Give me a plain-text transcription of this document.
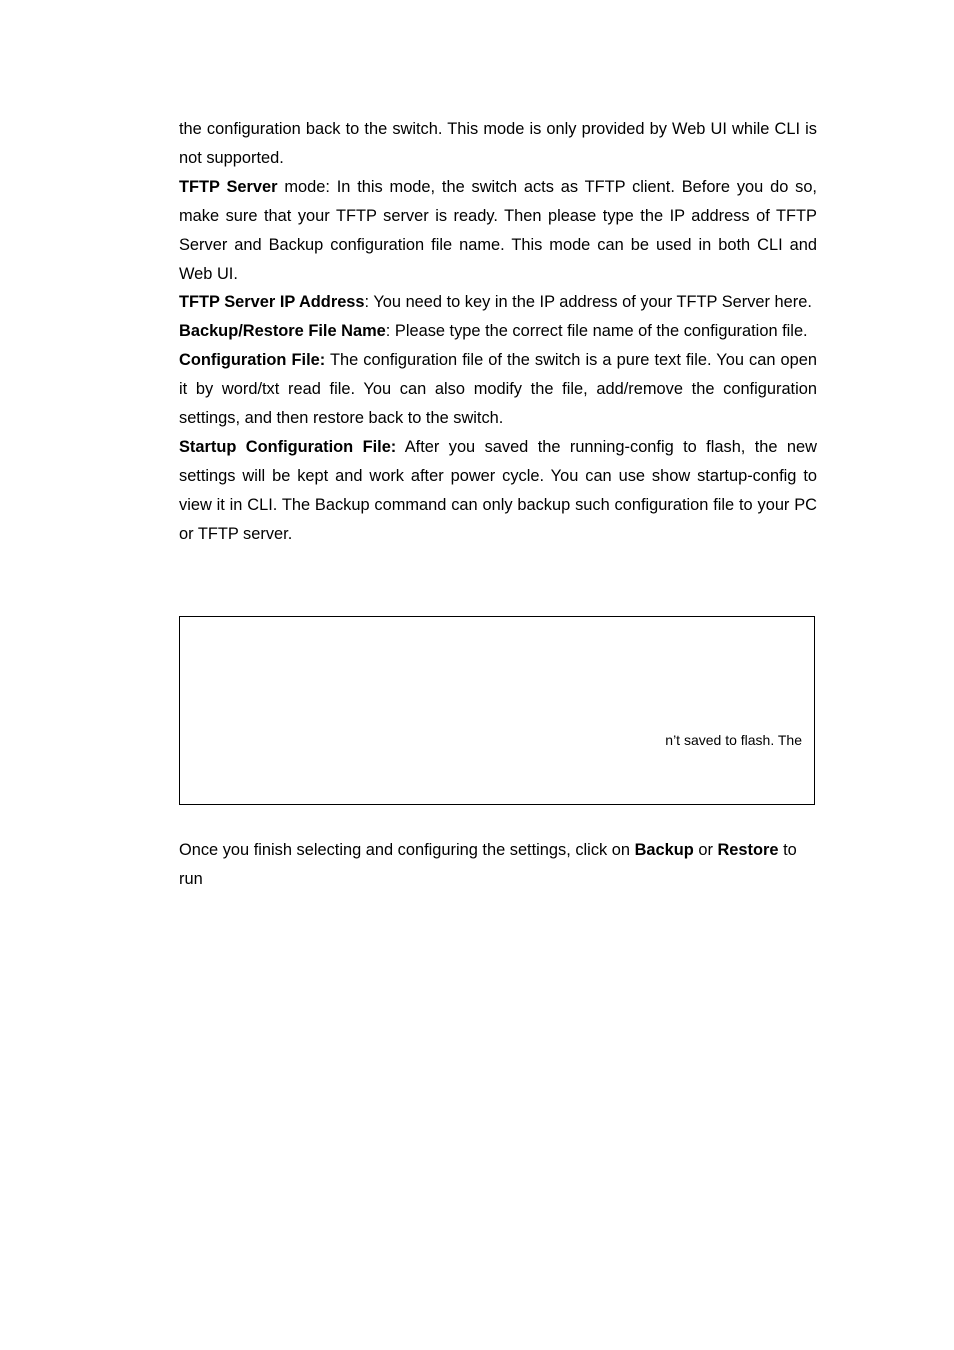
the configuration back to the switch. This mode is only provided by Web UI while CLI is not supported.

TFTP Server mode: In this mode, the switch acts as TFTP client. Before you do so, make sure that your TFTP server is ready. Then please type the IP address of TFTP Server and Backup configuration file name. This mode can be used in both CLI and Web UI.

TFTP Server IP Address: You need to key in the IP address of your TFTP Server here.

Backup/Restore File Name: Please type the correct file name of the configuration file.

Configuration File: The configuration file of the switch is a pure text file. You can open it by word/txt read file. You can also modify the file, add/remove the configuration settings, and then restore back to the switch.

Startup Configuration File: After you saved the running-config to flash, the new settings will be kept and work after power cycle. You can use show startup-config to view it in CLI. The Backup command can only backup such configuration file to your PC or TFTP server.

n’t saved to flash. The

Once you finish selecting and configuring the settings, click on Backup or Restore to run
